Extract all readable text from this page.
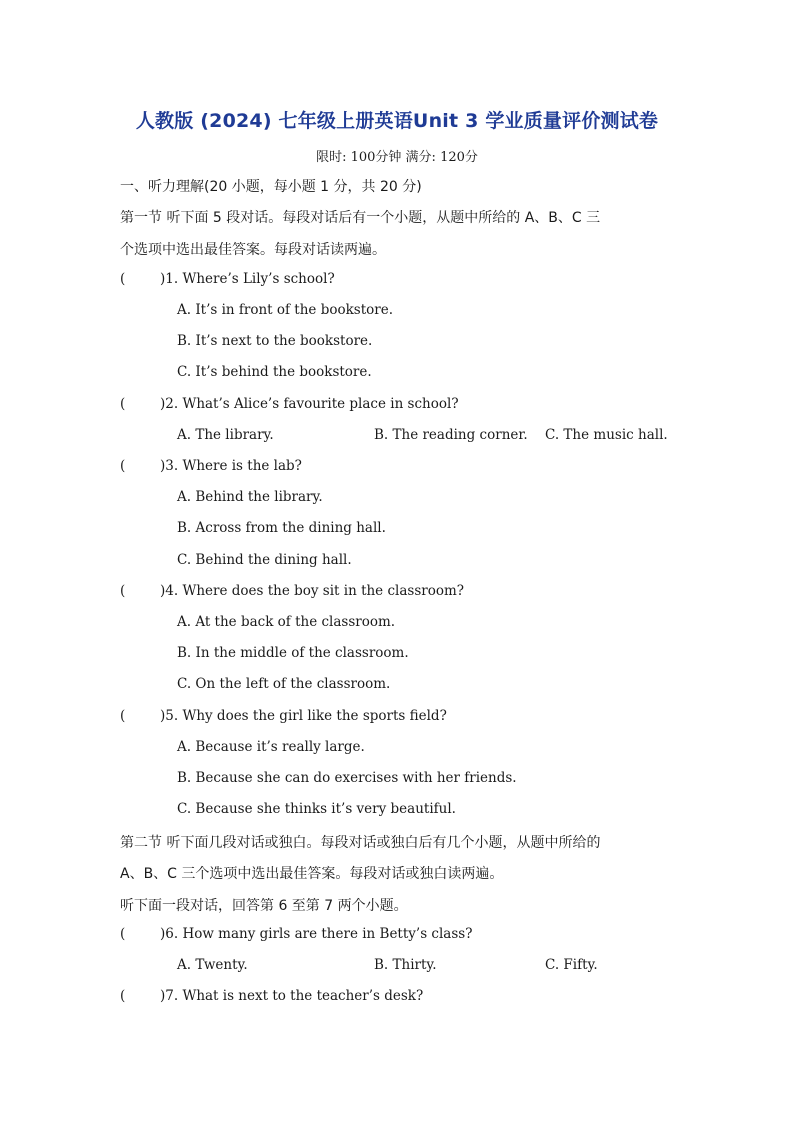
人教版 (2024) 七年级上册英语Unit 3 学业质量评价测试卷
限时: 100分钟 满分: 120分
一、听力理解(20 小题，每小题 1 分，共 20 分)
第一节 听下面 5 段对话。每段对话后有一个小题，从题中所给的 A、B、C 三
个选项中选出最佳答案。每段对话读两遍。
(	)1. Where’s Lily’s school?
A. It’s in front of the bookstore.
B. It’s next to the bookstore.
C. It’s behind the bookstore.
(	)2. What’s Alice’s favourite place in school?
A. The library.	B. The reading corner. C. The music hall.
(	)3. Where is the lab?
A. Behind the library.
B. Across from the dining hall.
C. Behind the dining hall.
(	)4. Where does the boy sit in the classroom?
A. At the back of the classroom.
B. In the middle of the classroom.
C. On the left of the classroom.
(	)5. Why does the girl like the sports field?
A. Because it’s really large.
B. Because she can do exercises with her friends.
C. Because she thinks it’s very beautiful.
第二节 听下面几段对话或独白。每段对话或独白后有几个小题，从题中所给的
A、B、C 三个选项中选出最佳答案。每段对话或独白读两遍。
听下面一段对话，回答第 6 至第 7 两个小题。
(	)6. How many girls are there in Betty’s class?
A. Twenty.	B. Thirty.	C. Fifty.
(	)7. What is next to the teacher’s desk?
